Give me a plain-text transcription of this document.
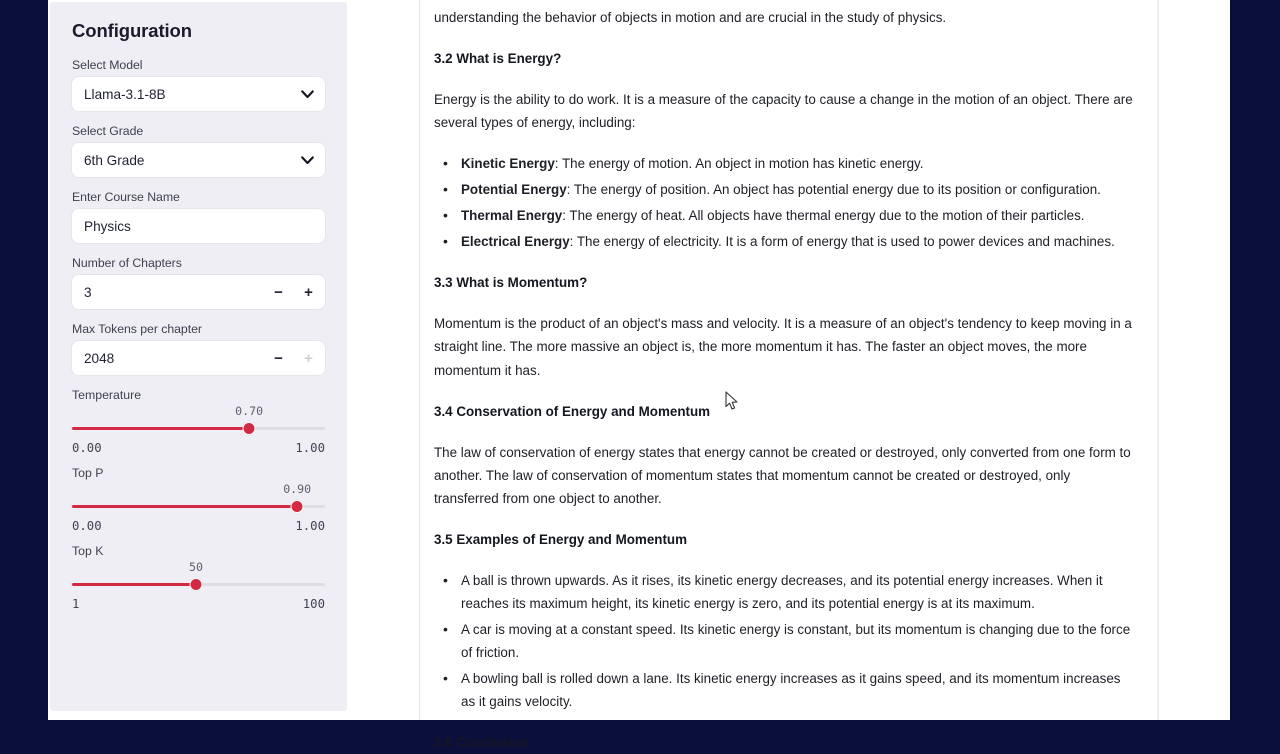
Configuration
Select Model
Llama-3.1-8B
Select Grade
6th Grade
Enter Course Name
Physics
Number of Chapters
3	− +
Max Tokens per chapter
2048	− +
Temperature
0.70
0.00	1.00
Top P
0.90
0.00	1.00
Top K
50
1	100

understanding the behavior of objects in motion and are crucial in the study of physics.

3.2 What is Energy?

Energy is the ability to do work. It is a measure of the capacity to cause a change in the motion of an object. There are several types of energy, including:

• Kinetic Energy: The energy of motion. An object in motion has kinetic energy.
• Potential Energy: The energy of position. An object has potential energy due to its position or configuration.
• Thermal Energy: The energy of heat. All objects have thermal energy due to the motion of their particles.
• Electrical Energy: The energy of electricity. It is a form of energy that is used to power devices and machines.
3.3 What is Momentum?

Momentum is the product of an object's mass and velocity. It is a measure of an object's tendency to keep moving in a straight line. The more massive an object is, the more momentum it has. The faster an object moves, the more momentum it has.

3.4 Conservation of Energy and Momentum

The law of conservation of energy states that energy cannot be created or destroyed, only converted from one form to another. The law of conservation of momentum states that momentum cannot be created or destroyed, only transferred from one object to another.

3.5 Examples of Energy and Momentum
• A ball is thrown upwards. As it rises, its kinetic energy decreases, and its potential energy increases. When it reaches its maximum height, its kinetic energy is zero, and its potential energy is at its maximum.
• A car is moving at a constant speed. Its kinetic energy is constant, but its momentum is changing due to the force of friction.
• A bowling ball is rolled down a lane. Its kinetic energy increases as it gains speed, and its momentum increases as it gains velocity.
3.6 Conclusion
